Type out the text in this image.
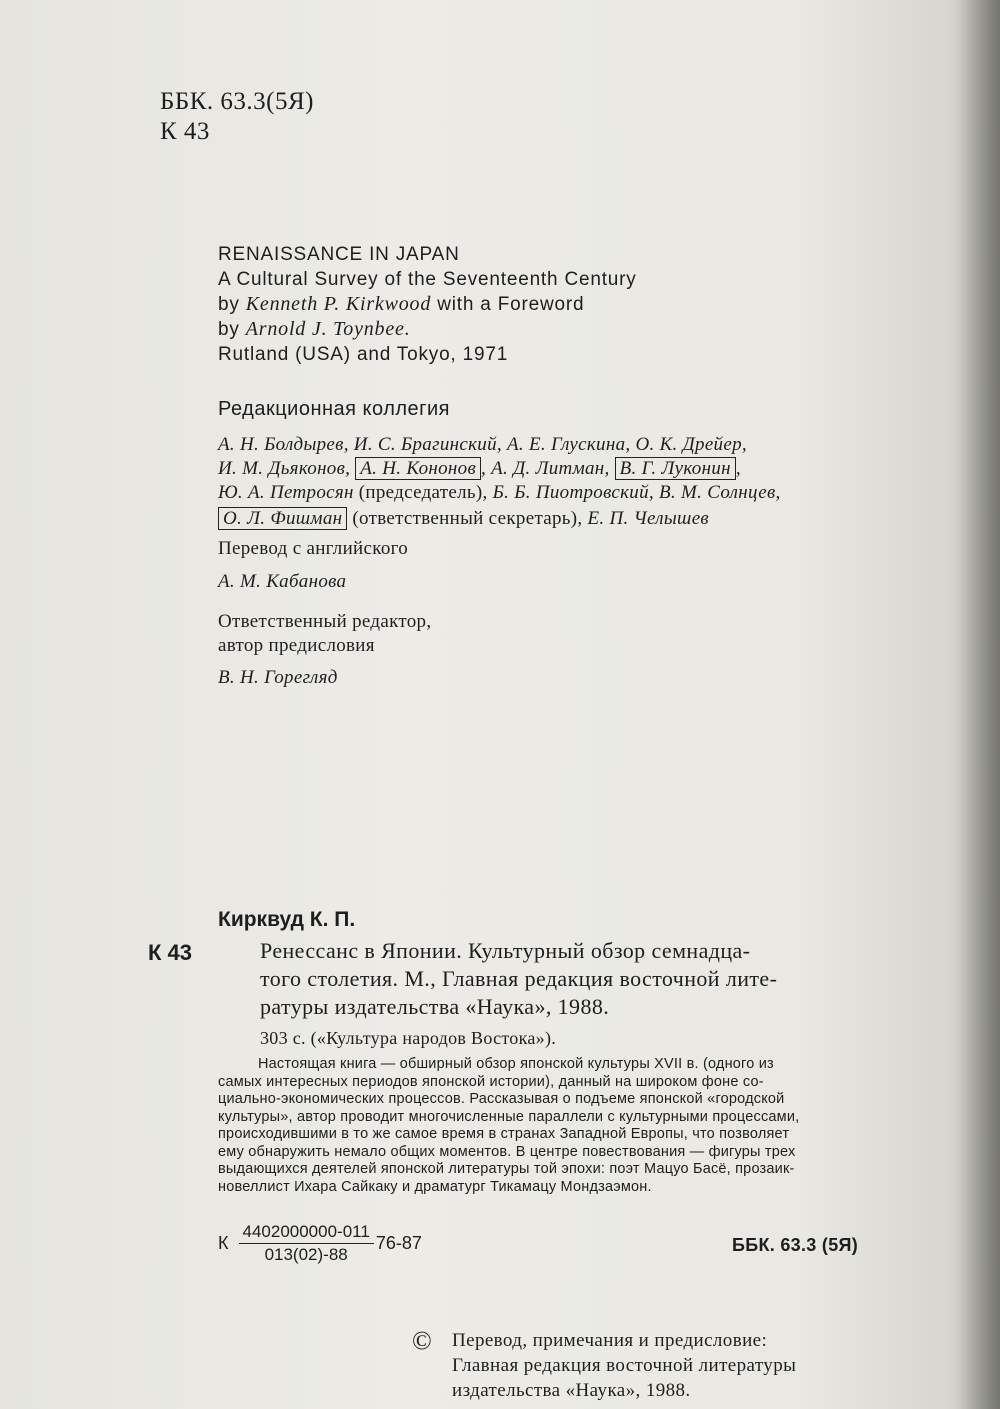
ББК. 63.3(5Я)
К 43
RENAISSANCE IN JAPAN
A Cultural Survey of the Seventeenth Century
by Kenneth P. Kirkwood with a Foreword
by Arnold J. Toynbee.
Rutland (USA) and Tokyo, 1971
Редакционная коллегия
А. Н. Болдырев, И. С. Брагинский, А. Е. Глускина, О. К. Дрейер,
И. М. Дьяконов, А. Н. Кононов , А. Д. Литман, В. Г. Луконин ,
Ю. А. Петросян (председатель), Б. Б. Пиотровский, В. М. Солнцев,
О. Л. Фишман (ответственный секретарь), Е. П. Челышев
Перевод с английского
А. М. Кабанова
Ответственный редактор,
автор предисловия
В. Н. Горегляд
Кирквуд К. П.
К 43	Ренессанс в Японии. Культурный обзор семнадца-
того столетия. М., Главная редакция восточной лите-
ратуры издательства «Наука», 1988.
303 с. («Культура народов Востока»).
Настоящая книга — обширный обзор японской культуры XVII в. (одного из
самых интересных периодов японской истории), данный на широком фоне со-
циально-экономических процессов. Рассказывая о подъеме японской «городской
культуры», автор проводит многочисленные параллели с культурными процессами,
происходившими в то же самое время в странах Западной Европы, что позволяет
ему обнаружить немало общих моментов. В центре повествования — фигуры трех
выдающихся деятелей японской литературы той эпохи: поэт Мацуо Басё, прозаик-
новеллист Ихара Сайкаку и драматург Тикамацу Мондзаэмон.
К $\frac{4402000000-011}{013(02)-88} 76-87$	ББК. 63.3 (5Я)
© Перевод, примечания и предисловие:
Главная редакция восточной литературы
издательства «Наука», 1988.
